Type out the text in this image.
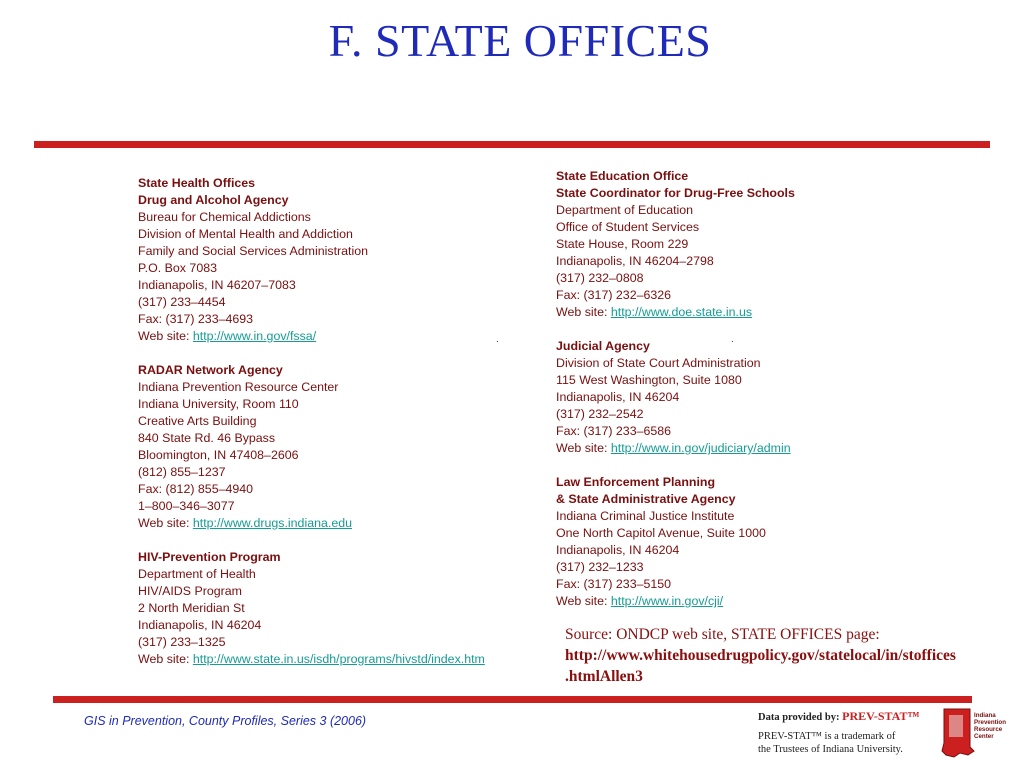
F. STATE OFFICES
State Health Offices
Drug and Alcohol Agency
Bureau for Chemical Addictions
Division of Mental Health and Addiction
Family and Social Services Administration
P.O. Box 7083
Indianapolis, IN 46207–7083
(317) 233–4454
Fax: (317) 233–4693
Web site: http://www.in.gov/fssa/
RADAR Network Agency
Indiana Prevention Resource Center
Indiana University, Room 110
Creative Arts Building
840 State Rd. 46 Bypass
Bloomington, IN 47408–2606
(812) 855–1237
Fax: (812) 855–4940
1–800–346–3077
Web site: http://www.drugs.indiana.edu
HIV-Prevention Program
Department of Health
HIV/AIDS Program
2 North Meridian St
Indianapolis, IN 46204
(317) 233–1325
Web site: http://www.state.in.us/isdh/programs/hivstd/index.htm
State Education Office
State Coordinator for Drug-Free Schools
Department of Education
Office of Student Services
State House, Room 229
Indianapolis, IN 46204–2798
(317) 232–0808
Fax: (317) 232–6326
Web site: http://www.doe.state.in.us
Judicial Agency
Division of State Court Administration
115 West Washington, Suite 1080
Indianapolis, IN 46204
(317) 232–2542
Fax: (317) 233–6586
Web site: http://www.in.gov/judiciary/admin
Law Enforcement Planning
& State Administrative Agency
Indiana Criminal Justice Institute
One North Capitol Avenue, Suite 1000
Indianapolis, IN 46204
(317) 232–1233
Fax: (317) 233–5150
Web site: http://www.in.gov/cji/
.	.
Source: ONDCP web site, STATE OFFICES page:
http://www.whitehousedrugpolicy.gov/statelocal/in/stoffices
.htmlAllen3
GIS in Prevention, County Profiles, Series 3 (2006)	Data provided by: PREV-STAT™
PREV-STAT™ is a trademark of
the Trustees of Indiana University.
Indiana
Prevention
Resource
Center
